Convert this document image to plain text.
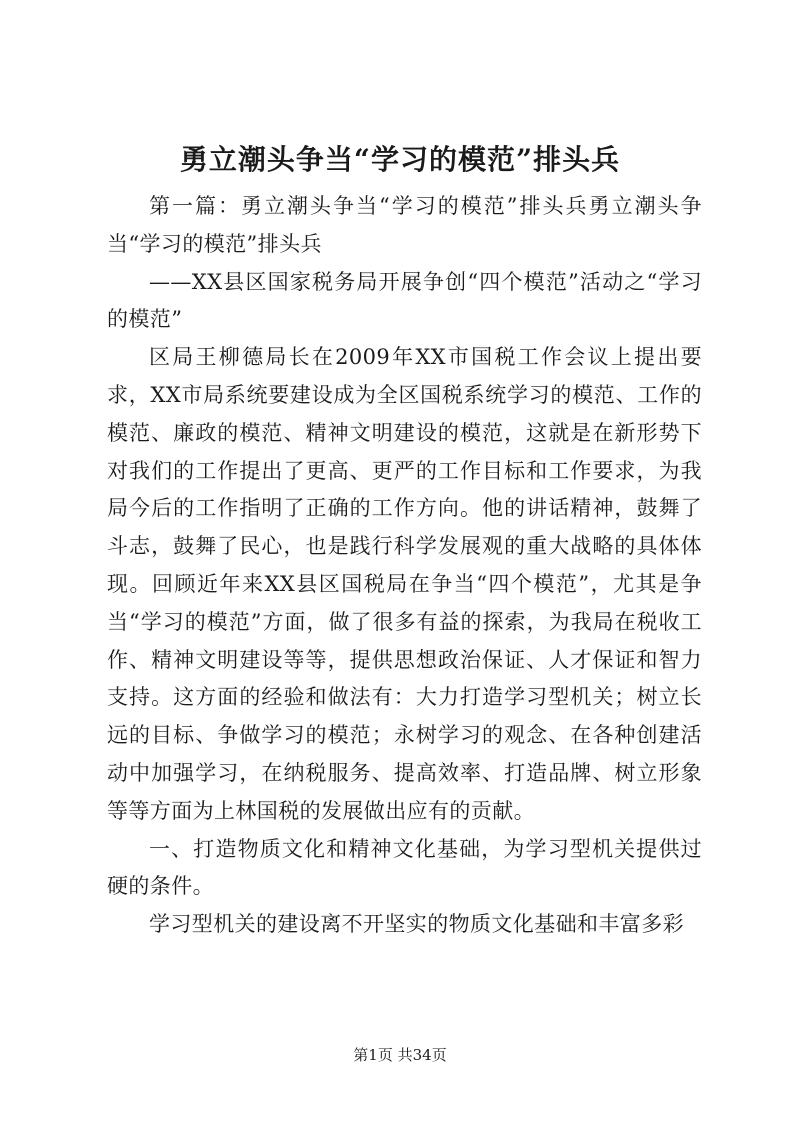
勇立潮头争当“学习的模范”排头兵

第一篇：勇立潮头争当“学习的模范”排头兵勇立潮头争当“学习的模范”排头兵

——XX县区国家税务局开展争创“四个模范”活动之“学习的模范”

区局王柳德局长在2009年XX市国税工作会议上提出要求，XX市局系统要建设成为全区国税系统学习的模范、工作的模范、廉政的模范、精神文明建设的模范，这就是在新形势下对我们的工作提出了更高、更严的工作目标和工作要求，为我局今后的工作指明了正确的工作方向。他的讲话精神，鼓舞了斗志，鼓舞了民心，也是践行科学发展观的重大战略的具体体现。回顾近年来XX县区国税局在争当“四个模范”，尤其是争当“学习的模范”方面，做了很多有益的探索，为我局在税收工作、精神文明建设等等，提供思想政治保证、人才保证和智力支持。这方面的经验和做法有：大力打造学习型机关；树立长远的目标、争做学习的模范；永树学习的观念、在各种创建活动中加强学习，在纳税服务、提高效率、打造品牌、树立形象等等方面为上林国税的发展做出应有的贡献。

一、打造物质文化和精神文化基础，为学习型机关提供过硬的条件。

学习型机关的建设离不开坚实的物质文化基础和丰富多彩

第1页 共34页
